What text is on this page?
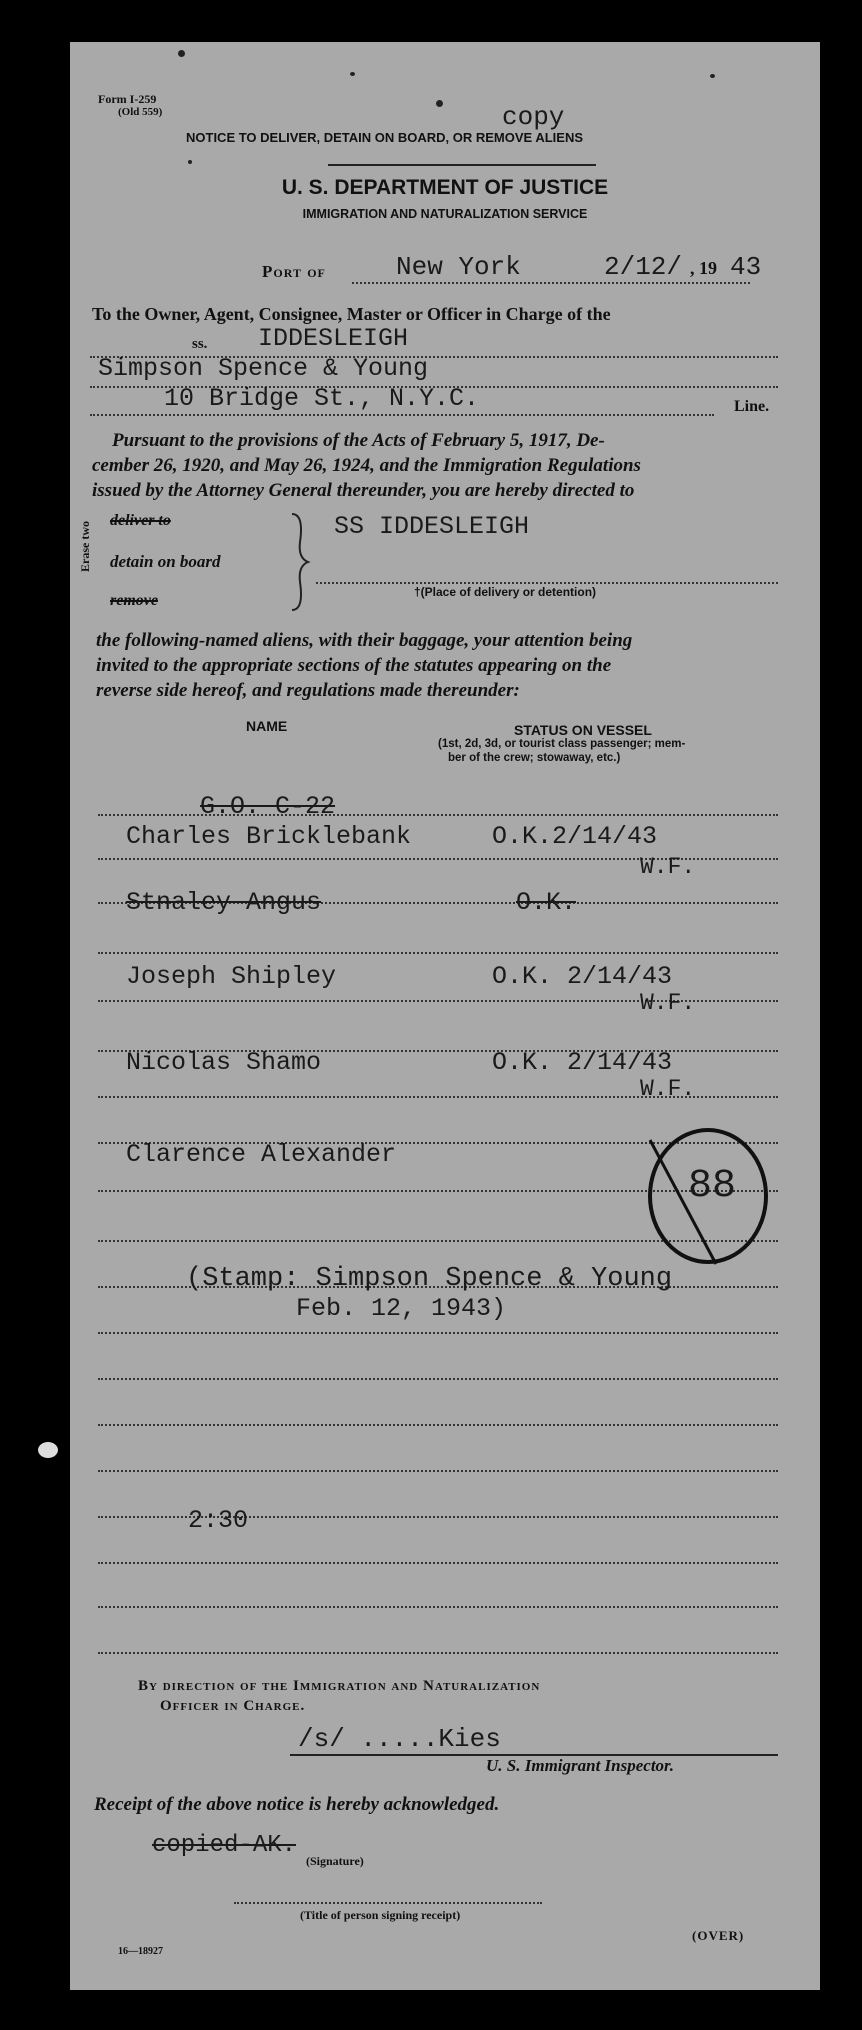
Form I-259
(Old 559)	copy
NOTICE TO DELIVER, DETAIN ON BOARD, OR REMOVE ALIENS
U. S. DEPARTMENT OF JUSTICE
IMMIGRATION AND NATURALIZATION SERVICE
Port of	New York	2/12/ , 19 43
To the Owner, Agent, Consignee, Master or Officer in Charge of the
ss. IDDESLEIGH
Simpson Spence & Young
10 Bridge St., N.Y.C.	Line.
Pursuant to the provisions of the Acts of February 5, 1917, De-
cember 26, 1920, and May 26, 1924, and the Immigration Regulations
issued by the Attorney General thereunder, you are hereby directed to
Erase two
deliver to
detain on board
remove
SS IDDESLEIGH
†(Place of delivery or detention)
the following-named aliens, with their baggage, your attention being
invited to the appropriate sections of the statutes appearing on the
reverse side hereof, and regulations made thereunder:
NAME	STATUS ON VESSEL
(1st, 2d, 3d, or tourist class passenger; mem-
ber of the crew; stowaway, etc.)
G.O. C-22
Charles Bricklebank	O.K.2/14/43
W.F.
Stnaley Angus	O.K.
Joseph Shipley	O.K. 2/14/43
W.F.
Nicolas Shamo	O.K. 2/14/43
W.F.
Clarence Alexander
88
(Stamp: Simpson Spence & Young
Feb. 12, 1943)
2:30
By direction of the Immigration and Naturalization
Officer in Charge.
/s/ .....Kies
U. S. Immigrant Inspector.
Receipt of the above notice is hereby acknowledged.
copied-AK.
(Signature)
(Title of person signing receipt)
16—18927
(OVER)
